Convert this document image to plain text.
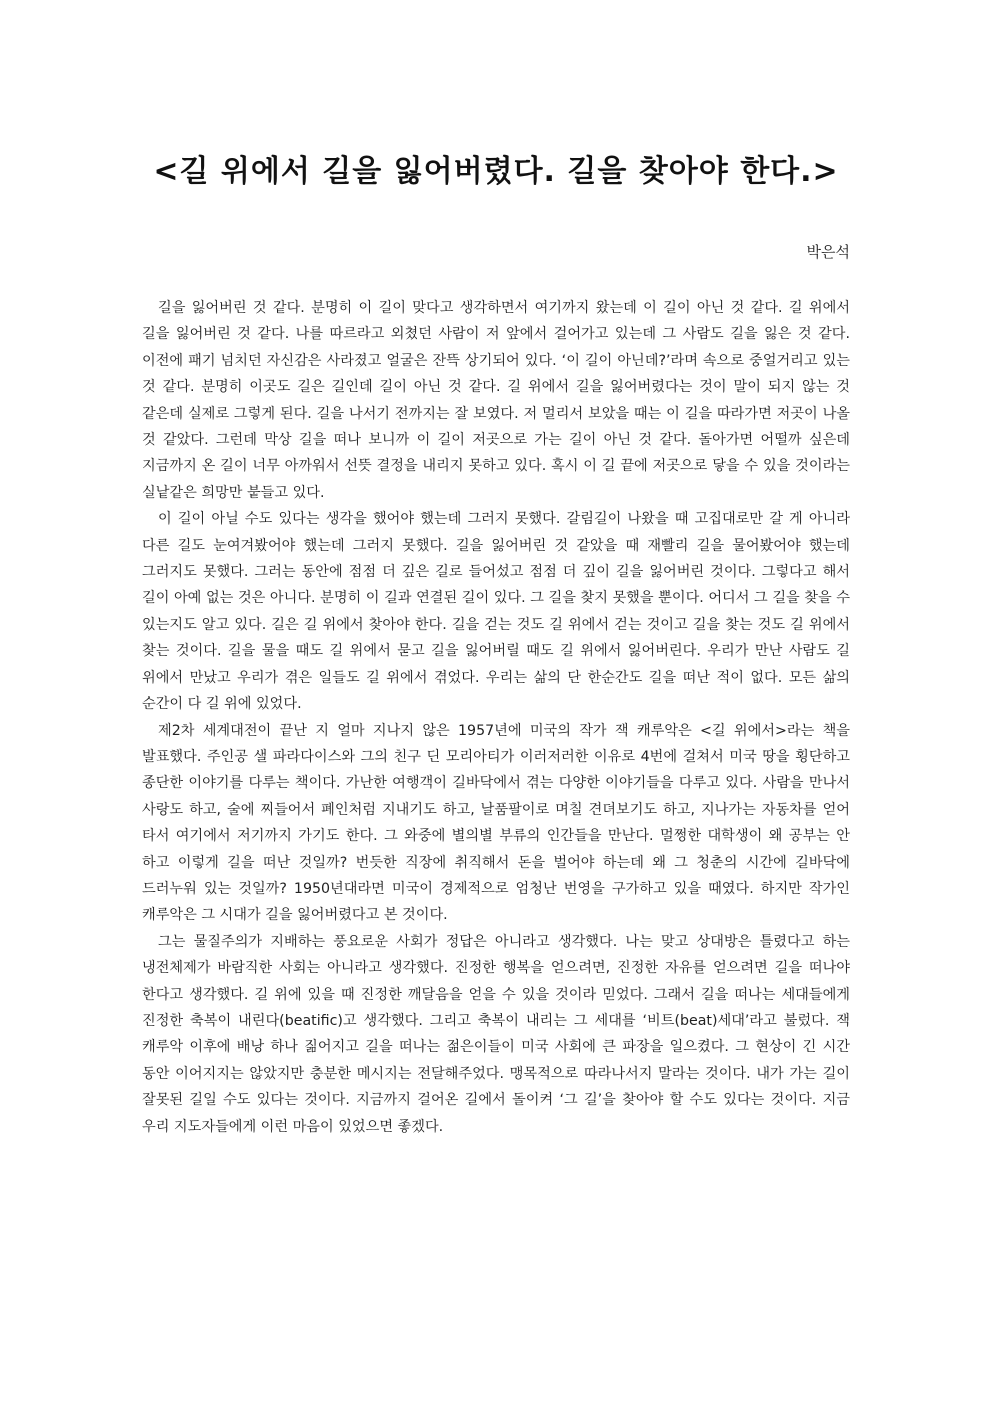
<길 위에서 길을 잃어버렸다. 길을 찾아야 한다.>
박은석

길을 잃어버린 것 같다. 분명히 이 길이 맞다고 생각하면서 여기까지 왔는데 이 길이 아닌 것 같다. 길 위에서 길을 잃어버린 것 같다. 나를 따르라고 외쳤던 사람이 저 앞에서 걸어가고 있는데 그 사람도 길을 잃은 것 같다. 이전에 패기 넘치던 자신감은 사라졌고 얼굴은 잔뜩 상기되어 있다. ‘이 길이 아닌데?’라며 속으로 중얼거리고 있는 것 같다. 분명히 이곳도 길은 길인데 길이 아닌 것 같다. 길 위에서 길을 잃어버렸다는 것이 말이 되지 않는 것 같은데 실제로 그렇게 된다. 길을 나서기 전까지는 잘 보였다. 저 멀리서 보았을 때는 이 길을 따라가면 저곳이 나올 것 같았다. 그런데 막상 길을 떠나 보니까 이 길이 저곳으로 가는 길이 아닌 것 같다. 돌아가면 어떨까 싶은데 지금까지 온 길이 너무 아까워서 선뜻 결정을 내리지 못하고 있다. 혹시 이 길 끝에 저곳으로 닿을 수 있을 것이라는 실낱같은 희망만 붙들고 있다.

이 길이 아닐 수도 있다는 생각을 했어야 했는데 그러지 못했다. 갈림길이 나왔을 때 고집대로만 갈 게 아니라 다른 길도 눈여겨봤어야 했는데 그러지 못했다. 길을 잃어버린 것 같았을 때 재빨리 길을 물어봤어야 했는데 그러지도 못했다. 그러는 동안에 점점 더 깊은 길로 들어섰고 점점 더 깊이 길을 잃어버린 것이다. 그렇다고 해서 길이 아예 없는 것은 아니다. 분명히 이 길과 연결된 길이 있다. 그 길을 찾지 못했을 뿐이다. 어디서 그 길을 찾을 수 있는지도 알고 있다. 길은 길 위에서 찾아야 한다. 길을 걷는 것도 길 위에서 걷는 것이고 길을 찾는 것도 길 위에서 찾는 것이다. 길을 물을 때도 길 위에서 묻고 길을 잃어버릴 때도 길 위에서 잃어버린다. 우리가 만난 사람도 길 위에서 만났고 우리가 겪은 일들도 길 위에서 겪었다. 우리는 삶의 단 한순간도 길을 떠난 적이 없다. 모든 삶의 순간이 다 길 위에 있었다.

제2차 세계대전이 끝난 지 얼마 지나지 않은 1957년에 미국의 작가 잭 캐루악은 <길 위에서>라는 책을 발표했다. 주인공 샐 파라다이스와 그의 친구 딘 모리아티가 이러저러한 이유로 4번에 걸쳐서 미국 땅을 횡단하고 종단한 이야기를 다루는 책이다. 가난한 여행객이 길바닥에서 겪는 다양한 이야기들을 다루고 있다. 사람을 만나서 사랑도 하고, 술에 찌들어서 폐인처럼 지내기도 하고, 날품팔이로 며칠 견뎌보기도 하고, 지나가는 자동차를 얻어 타서 여기에서 저기까지 가기도 한다. 그 와중에 별의별 부류의 인간들을 만난다. 멀쩡한 대학생이 왜 공부는 안 하고 이렇게 길을 떠난 것일까? 번듯한 직장에 취직해서 돈을 벌어야 하는데 왜 그 청춘의 시간에 길바닥에 드러누워 있는 것일까? 1950년대라면 미국이 경제적으로 엄청난 번영을 구가하고 있을 때였다. 하지만 작가인 캐루악은 그 시대가 길을 잃어버렸다고 본 것이다.

그는 물질주의가 지배하는 풍요로운 사회가 정답은 아니라고 생각했다. 나는 맞고 상대방은 틀렸다고 하는 냉전체제가 바람직한 사회는 아니라고 생각했다. 진정한 행복을 얻으려면, 진정한 자유를 얻으려면 길을 떠나야 한다고 생각했다. 길 위에 있을 때 진정한 깨달음을 얻을 수 있을 것이라 믿었다. 그래서 길을 떠나는 세대들에게 진정한 축복이 내린다(beatific)고 생각했다. 그리고 축복이 내리는 그 세대를 ‘비트(beat)세대’라고 불렀다. 잭 캐루악 이후에 배낭 하나 짊어지고 길을 떠나는 젊은이들이 미국 사회에 큰 파장을 일으켰다. 그 현상이 긴 시간 동안 이어지지는 않았지만 충분한 메시지는 전달해주었다. 맹목적으로 따라나서지 말라는 것이다. 내가 가는 길이 잘못된 길일 수도 있다는 것이다. 지금까지 걸어온 길에서 돌이켜 ‘그 길’을 찾아야 할 수도 있다는 것이다. 지금 우리 지도자들에게 이런 마음이 있었으면 좋겠다.
